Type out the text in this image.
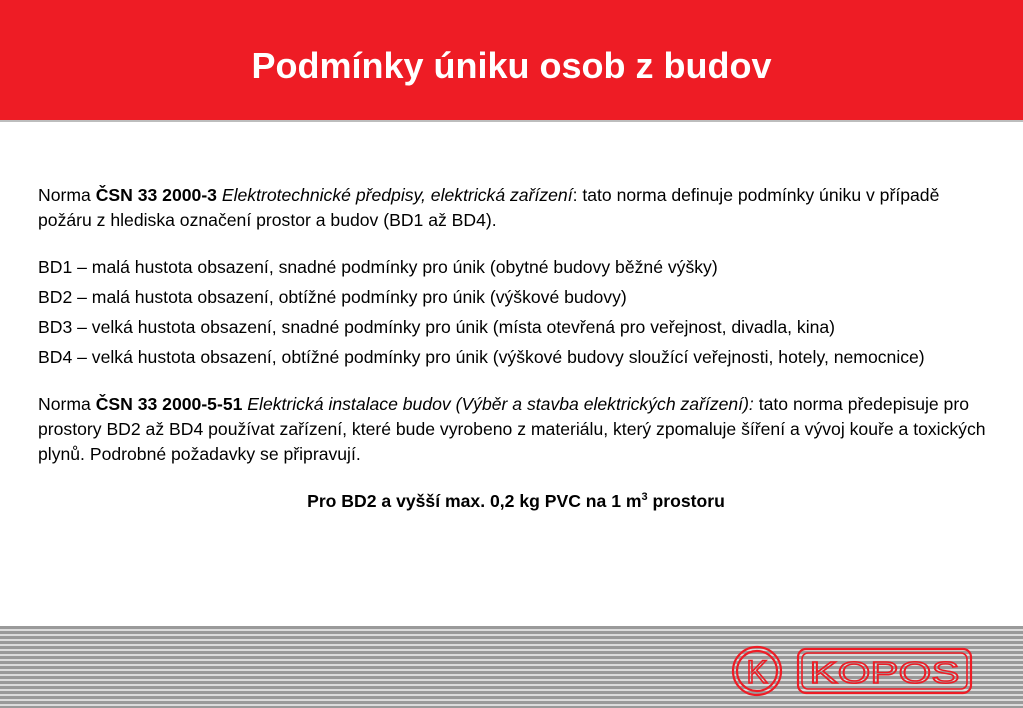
Podmínky úniku osob z budov

Norma ČSN 33 2000-3 Elektrotechnické předpisy, elektrická zařízení: tato norma definuje podmínky úniku v případě požáru z hlediska označení prostor a budov (BD1 až BD4).

BD1 – malá hustota obsazení, snadné podmínky pro únik (obytné budovy běžné výšky)

BD2 – malá hustota obsazení, obtížné podmínky pro únik (výškové budovy)

BD3 – velká hustota obsazení, snadné podmínky pro únik (místa otevřená pro veřejnost, divadla, kina)

BD4 – velká hustota obsazení, obtížné podmínky pro únik (výškové budovy sloužící veřejnosti, hotely, nemocnice)

Norma ČSN 33 2000-5-51 Elektrická instalace budov (Výběr a stavba elektrických zařízení): tato norma předepisuje pro prostory BD2 až BD4 používat zařízení, které bude vyrobeno z materiálu, který zpomaluje šíření a vývoj kouře a toxických plynů. Podrobné požadavky se připravují.

Pro BD2 a vyšší max. 0,2 kg PVC na 1 $m^3$ prostoru

K KOPOS
